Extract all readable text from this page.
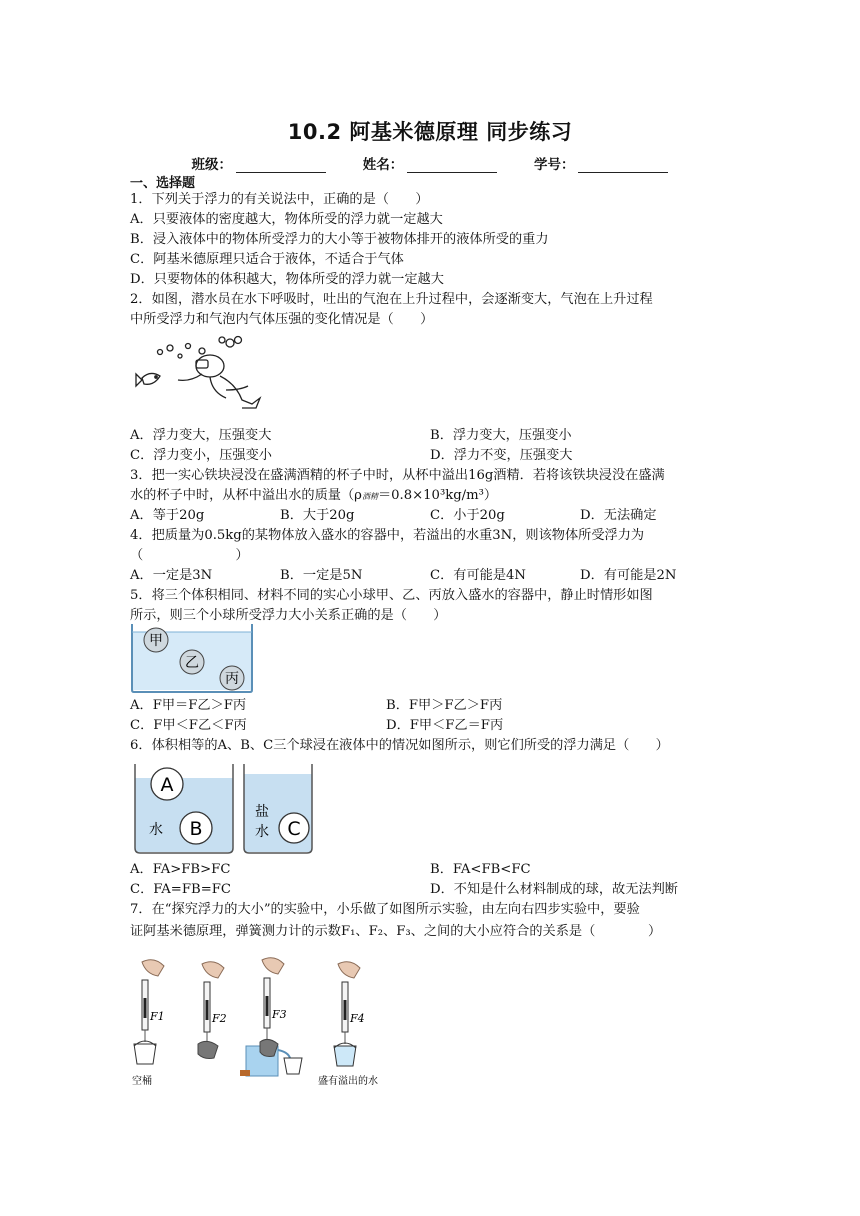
10.2 阿基米德原理 同步练习
班级：	姓名：	学号：
一、选择题
1．下列关于浮力的有关说法中，正确的是（　　）
A．只要液体的密度越大，物体所受的浮力就一定越大
B．浸入液体中的物体所受浮力的大小等于被物体排开的液体所受的重力
C．阿基米德原理只适合于液体，不适合于气体
D．只要物体的体积越大，物体所受的浮力就一定越大
2．如图，潜水员在水下呼吸时，吐出的气泡在上升过程中，会逐渐变大，气泡在上升过程
中所受浮力和气泡内气体压强的变化情况是（　　）
A．浮力变大，压强变大	B．浮力变大，压强变小
C．浮力变小，压强变小	D．浮力不变，压强变大
3．把一实心铁块浸没在盛满酒精的杯子中时，从杯中溢出16g酒精．若将该铁块浸没在盛满
水的杯子中时，从杯中溢出水的质量（ρ酒精＝0.8×10³kg/m³）
A．等于20g	B．大于20g	C．小于20g	D．无法确定
4．把质量为0.5kg的某物体放入盛水的容器中，若溢出的水重3N，则该物体所受浮力为
（　　　　　　　）
A．一定是3N	B．一定是5N	C．有可能是4N	D．有可能是2N
5．将三个体积相同、材料不同的实心小球甲、乙、丙放入盛水的容器中，静止时情形如图
所示，则三个小球所受浮力大小关系正确的是（　　）
甲
乙
丙
A．F甲＝F乙＞F丙	B．F甲＞F乙＞F丙
C．F甲＜F乙＜F丙	D．F甲＜F乙＝F丙
6．体积相等的A、B、C三个球浸在液体中的情况如图所示，则它们所受的浮力满足（　　）
A
B	C
水
盐
水
A．FA>FB>FC	B．FA<FB<FC
C．FA=FB=FC	D．不知是什么材料制成的球，故无法判断
7．在“探究浮力的大小”的实验中，小乐做了如图所示实验，由左向右四步实验中，要验
证阿基米德原理，弹簧测力计的示数F₁、F₂、F₃、之间的大小应符合的关系是（　　　　）
F1	F2	F3	F4
空桶	盛有溢出的水
